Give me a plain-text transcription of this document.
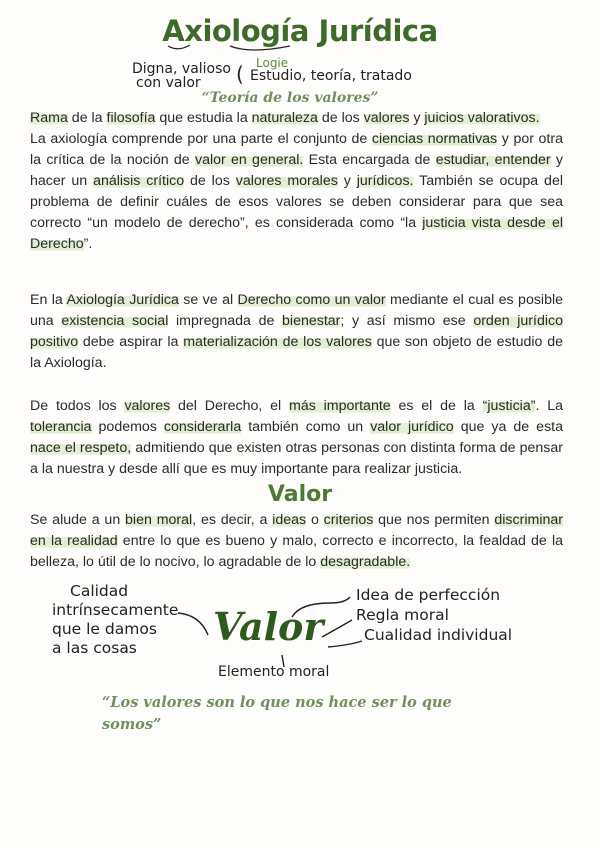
Axiología Jurídica
Digna, valioso
con valor	( Logie
Estudio, teoría, tratado
“Teoría de los valores”
Rama de la filosofía que estudia la naturaleza de los valores y juicios valorativos.
La axiología comprende por una parte el conjunto de ciencias normativas y por otra la crítica de la noción de valor en general. Esta encargada de estudiar, entender y hacer un análisis crítico de los valores morales y jurídicos. También se ocupa del problema de definir cuáles de esos valores se deben considerar para que sea correcto “un modelo de derecho”, es considerada como “la justicia vista desde el Derecho”.
En la Axiología Jurídica se ve al Derecho como un valor mediante el cual es posible una existencia social impregnada de bienestar; y así mismo ese orden jurídico positivo debe aspirar la materialización de los valores que son objeto de estudio de la Axiología.
De todos los valores del Derecho, el más importante es el de la “justicia”. La tolerancia podemos considerarla también como un valor jurídico que ya de esta nace el respeto, admitiendo que existen otras personas con distinta forma de pensar a la nuestra y desde allí que es muy importante para realizar justicia.
Valor
Se alude a un bien moral, es decir, a ideas o criterios que nos permiten discriminar en la realidad entre lo que es bueno y malo, correcto e incorrecto, la fealdad de la belleza, lo útil de lo nocivo, lo agradable de lo desagradable.
Calidad
intrínsecamente
que le damos
a las cosas	Valor
Idea de perfección
Regla moral
Cualidad individual
Elemento moral
“Los valores son lo que nos hace ser lo que
somos”
